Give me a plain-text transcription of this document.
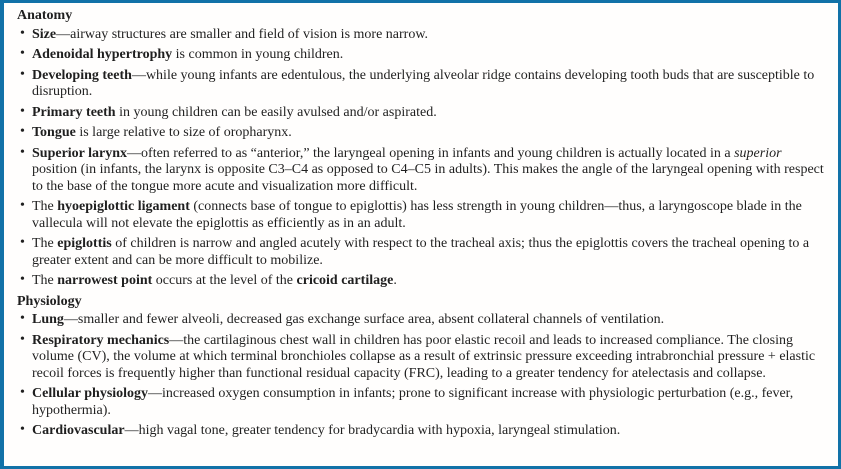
Anatomy
• Size—airway structures are smaller and field of vision is more narrow.
• Adenoidal hypertrophy is common in young children.
• Developing teeth—while young infants are edentulous, the underlying alveolar ridge contains developing tooth buds that are susceptible to disruption.
• Primary teeth in young children can be easily avulsed and/or aspirated.
• Tongue is large relative to size of oropharynx.
• Superior larynx—often referred to as “anterior,” the laryngeal opening in infants and young children is actually located in a superior position (in infants, the larynx is opposite C3–C4 as opposed to C4–C5 in adults). This makes the angle of the laryngeal opening with respect to the base of the tongue more acute and visualization more difficult.
• The hyoepiglottic ligament (connects base of tongue to epiglottis) has less strength in young children—thus, a laryngoscope blade in the vallecula will not elevate the epiglottis as efficiently as in an adult.
• The epiglottis of children is narrow and angled acutely with respect to the tracheal axis; thus the epiglottis covers the tracheal opening to a greater extent and can be more difficult to mobilize.
• The narrowest point occurs at the level of the cricoid cartilage.
Physiology
• Lung—smaller and fewer alveoli, decreased gas exchange surface area, absent collateral channels of ventilation.
• Respiratory mechanics—the cartilaginous chest wall in children has poor elastic recoil and leads to increased compliance. The closing volume (CV), the volume at which terminal bronchioles collapse as a result of extrinsic pressure exceeding intrabronchial pressure + elastic recoil forces is frequently higher than functional residual capacity (FRC), leading to a greater tendency for atelectasis and collapse.
• Cellular physiology—increased oxygen consumption in infants; prone to significant increase with physiologic perturbation (e.g., fever, hypothermia).
• Cardiovascular—high vagal tone, greater tendency for bradycardia with hypoxia, laryngeal stimulation.
